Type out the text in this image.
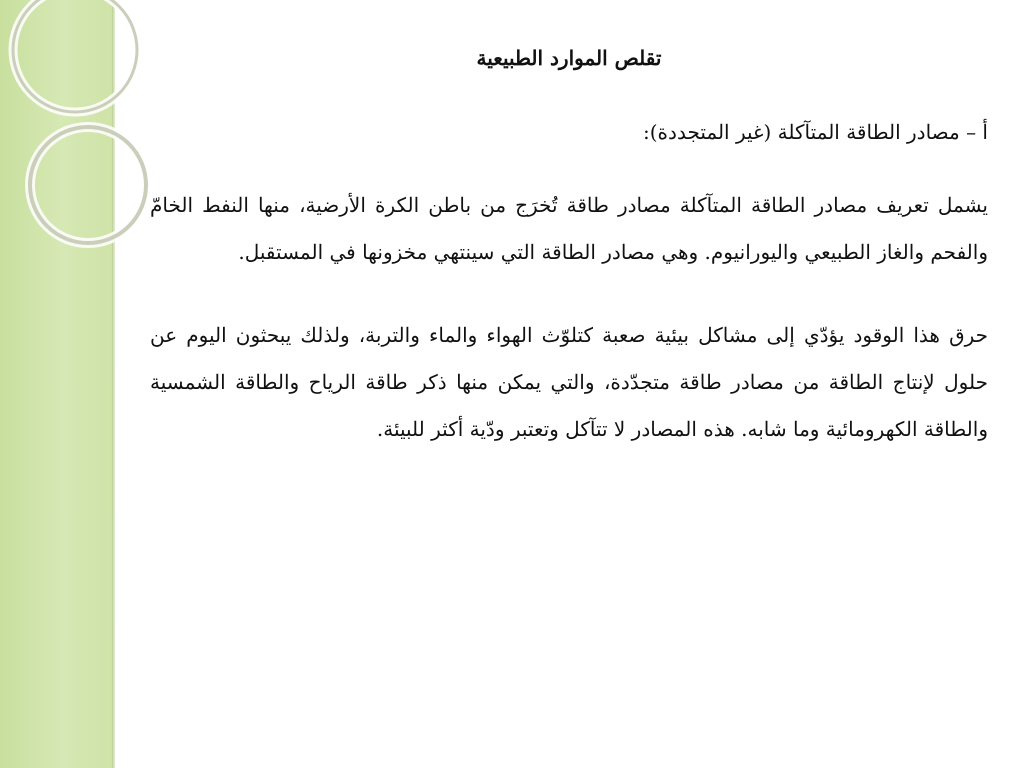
تقلص الموارد الطبيعية
أ – مصادر الطاقة المتآكلة (غير المتجددة):

يشمل تعريف مصادر الطاقة المتآكلة مصادر طاقة تُخرَج من باطن الكرة الأرضية، منها النفط الخامّ والفحم والغاز الطبيعي واليورانيوم. وهي مصادر الطاقة التي سينتهي مخزونها في المستقبل.

حرق هذا الوقود يؤدّي إلى مشاكل بيئية صعبة كتلوّث الهواء والماء والتربة، ولذلك يبحثون اليوم عن حلول لإنتاج الطاقة من مصادر طاقة متجدّدة، والتي يمكن منها ذكر طاقة الرياح والطاقة الشمسية والطاقة الكهرومائية وما شابه. هذه المصادر لا تتآكل وتعتبر ودّية أكثر للبيئة.
